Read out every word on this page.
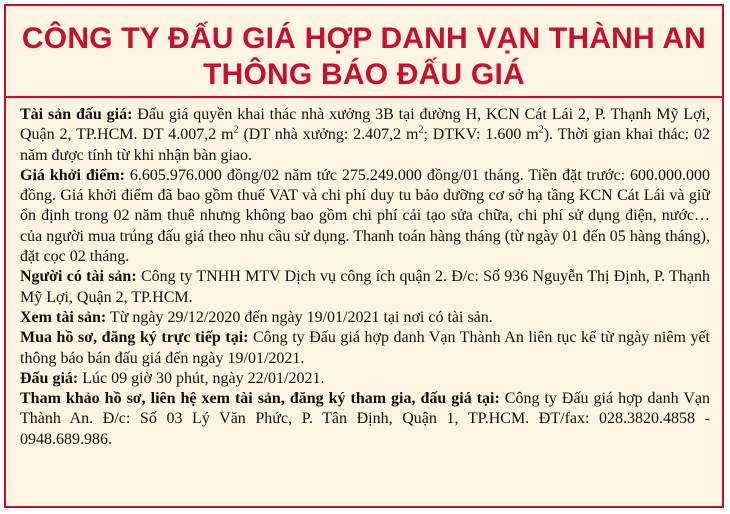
CÔNG TY ĐẤU GIÁ HỢP DANH VẠN THÀNH AN
THÔNG BÁO ĐẤU GIÁ

Tài sản đấu giá: Đấu giá quyền khai thác nhà xưởng 3B tại đường H, KCN Cát Lái 2, P. Thạnh Mỹ Lợi, Quận 2, TP.HCM. DT 4.007,2 $m^2$ (DT nhà xưởng: 2.407,2 $m^2$; DTKV: 1.600 $m^2$). Thời gian khai thác: 02 năm được tính từ khi nhận bàn giao.

Giá khởi điểm: 6.605.976.000 đồng/02 năm tức 275.249.000 đồng/01 tháng. Tiền đặt trước: 600.000.000 đồng. Giá khởi điểm đã bao gồm thuế VAT và chi phí duy tu bảo dưỡng cơ sở hạ tầng KCN Cát Lái và giữ ổn định trong 02 năm thuê nhưng không bao gồm chi phí cải tạo sửa chữa, chi phí sử dụng điện, nước… của người mua trúng đấu giá theo nhu cầu sử dụng. Thanh toán hàng tháng (từ ngày 01 đến 05 hàng tháng), đặt cọc 02 tháng.

Người có tài sản: Công ty TNHH MTV Dịch vụ công ích quận 2. Đ/c: Số 936 Nguyễn Thị Định, P. Thạnh Mỹ Lợi, Quận 2, TP.HCM.

Xem tài sản: Từ ngày 29/12/2020 đến ngày 19/01/2021 tại nơi có tài sản.

Mua hồ sơ, đăng ký trực tiếp tại: Công ty Đấu giá hợp danh Vạn Thành An liên tục kể từ ngày niêm yết thông báo bán đấu giá đến ngày 19/01/2021.

Đấu giá: Lúc 09 giờ 30 phút, ngày 22/01/2021.

Tham khảo hồ sơ, liên hệ xem tài sản, đăng ký tham gia, đấu giá tại: Công ty Đấu giá hợp danh Vạn Thành An. Đ/c: Số 03 Lý Văn Phức, P. Tân Định, Quận 1, TP.HCM. ĐT/fax: 028.3820.4858 - 0948.689.986.
